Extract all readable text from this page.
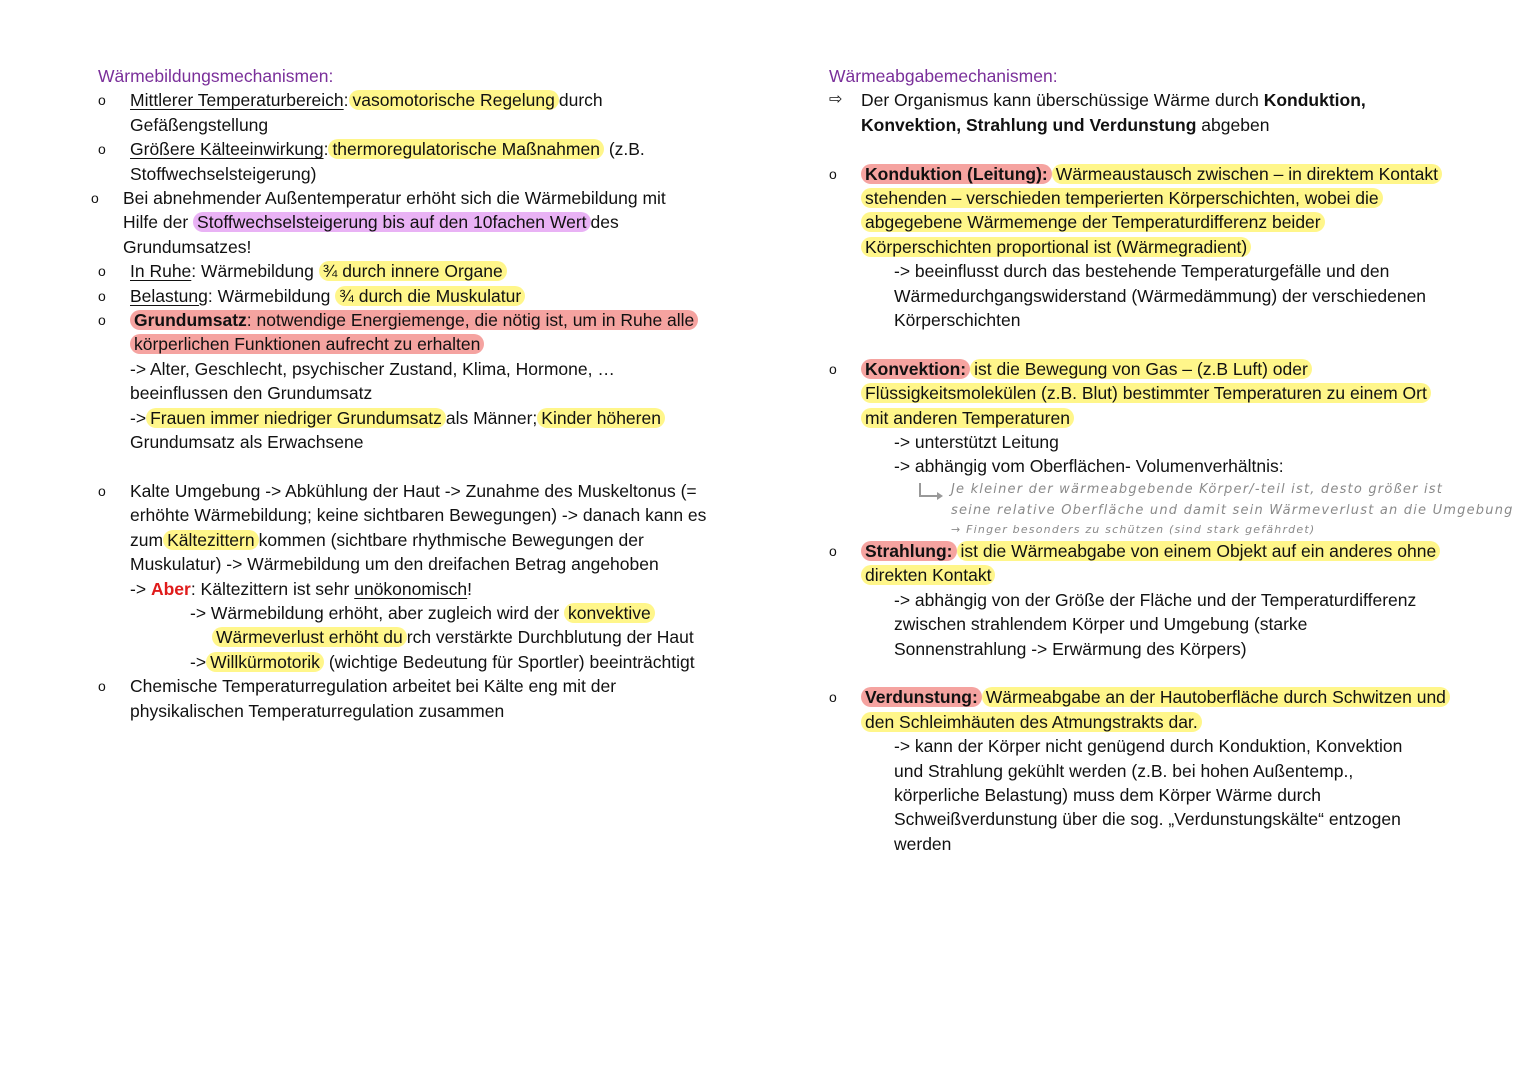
Wärmebildungsmechanismen:
o Mittlerer Temperaturbereich: vasomotorische Regelung durch
Gefäßengstellung
o Größere Kälteeinwirkung: thermoregulatorische Maßnahmen (z.B.
Stoffwechselsteigerung)
o Bei abnehmender Außentemperatur erhöht sich die Wärmebildung mit
Hilfe der Stoffwechselsteigerung bis auf den 10fachen Wert des
Grundumsatzes!
o In Ruhe: Wärmebildung ¾ durch innere Organe
o Belastung: Wärmebildung ¾ durch die Muskulatur
o Grundumsatz: notwendige Energiemenge, die nötig ist, um in Ruhe alle
körperlichen Funktionen aufrecht zu erhalten
-> Alter, Geschlecht, psychischer Zustand, Klima, Hormone, …
beeinflussen den Grundumsatz
-> Frauen immer niedriger Grundumsatz als Männer; Kinder höheren
Grundumsatz als Erwachsene
o Kalte Umgebung -> Abkühlung der Haut -> Zunahme des Muskeltonus (=
erhöhte Wärmebildung; keine sichtbaren Bewegungen) -> danach kann es
zum Kältezittern kommen (sichtbare rhythmische Bewegungen der
Muskulatur) -> Wärmebildung um den dreifachen Betrag angehoben
-> Aber: Kältezittern ist sehr unökonomisch!
-> Wärmebildung erhöht, aber zugleich wird der konvektive
Wärmeverlust erhöht du rch verstärkte Durchblutung der Haut
-> Willkürmotorik (wichtige Bedeutung für Sportler) beeinträchtigt
o Chemische Temperaturregulation arbeitet bei Kälte eng mit der
physikalischen Temperaturregulation zusammen
Wärmeabgabemechanismen:
⇨ Der Organismus kann überschüssige Wärme durch Konduktion,
Konvektion, Strahlung und Verdunstung abgeben
o Konduktion (Leitung): Wärmeaustausch zwischen – in direktem Kontakt
stehenden – verschieden temperierten Körperschichten, wobei die
abgegebene Wärmemenge der Temperaturdifferenz beider
Körperschichten proportional ist (Wärmegradient)
-> beeinflusst durch das bestehende Temperaturgefälle und den
Wärmedurchgangswiderstand (Wärmedämmung) der verschiedenen
Körperschichten
o Konvektion: ist die Bewegung von Gas – (z.B Luft) oder
Flüssigkeitsmolekülen (z.B. Blut) bestimmter Temperaturen zu einem Ort
mit anderen Temperaturen
-> unterstützt Leitung
-> abhängig vom Oberflächen- Volumenverhältnis:
Je kleiner der wärmeabgebende Körper/-teil ist, desto größer ist
seine relative Oberfläche und damit sein Wärmeverlust an die Umgebung
→ Finger besonders zu schützen (sind stark gefährdet)
o Strahlung: ist die Wärmeabgabe von einem Objekt auf ein anderes ohne
direkten Kontakt
-> abhängig von der Größe der Fläche und der Temperaturdifferenz
zwischen strahlendem Körper und Umgebung (starke
Sonnenstrahlung -> Erwärmung des Körpers)
o Verdunstung: Wärmeabgabe an der Hautoberfläche durch Schwitzen und
den Schleimhäuten des Atmungstrakts dar.
-> kann der Körper nicht genügend durch Konduktion, Konvektion
und Strahlung gekühlt werden (z.B. bei hohen Außentemp.,
körperliche Belastung) muss dem Körper Wärme durch
Schweißverdunstung über die sog. „Verdunstungskälte“ entzogen
werden
